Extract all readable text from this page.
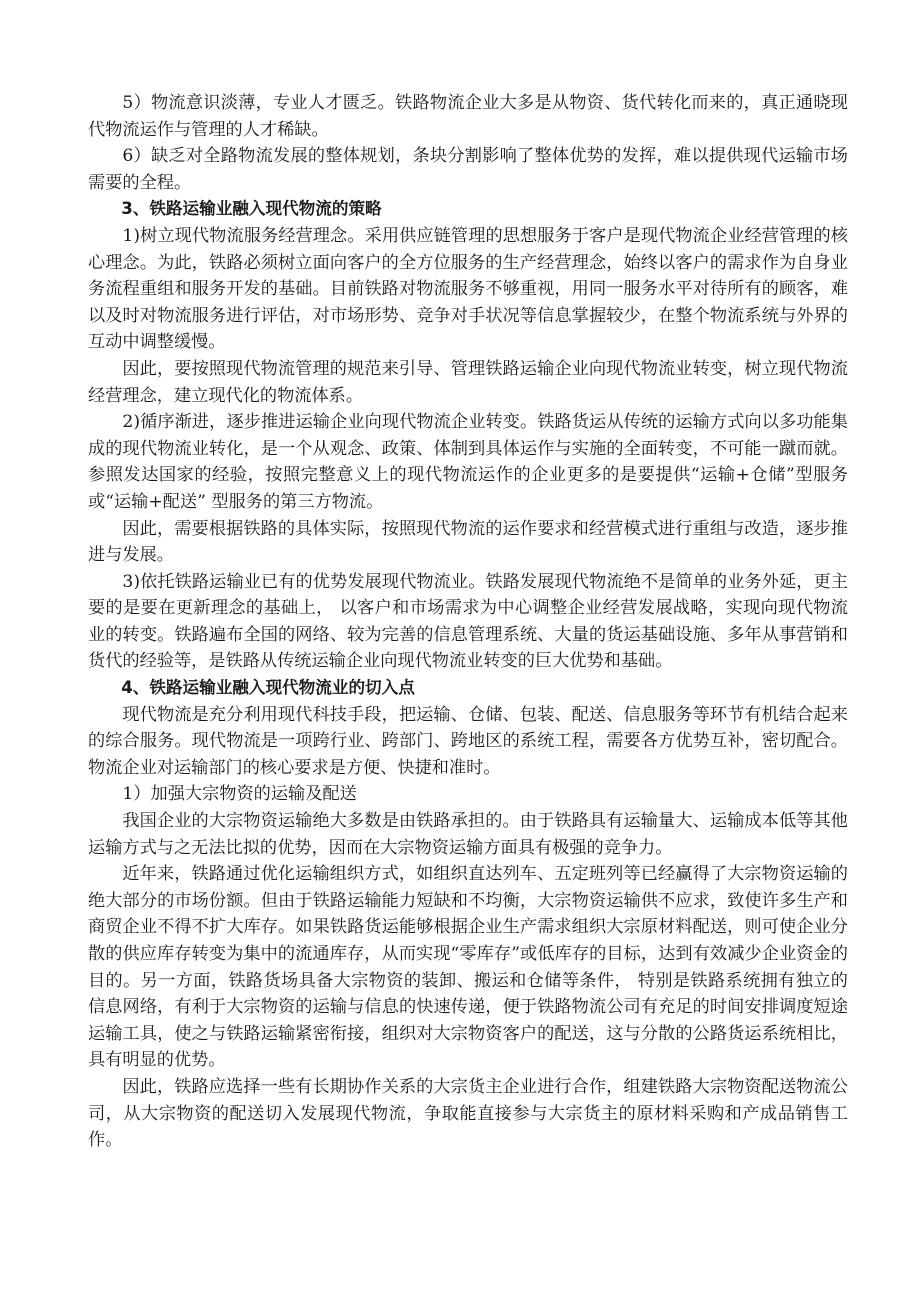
5）物流意识淡薄，专业人才匮乏。铁路物流企业大多是从物资、货代转化而来的，真正通晓现代物流运作与管理的人才稀缺。

6）缺乏对全路物流发展的整体规划，条块分割影响了整体优势的发挥，难以提供现代运输市场需要的全程。

3、铁路运输业融入现代物流的策略

1)树立现代物流服务经营理念。采用供应链管理的思想服务于客户是现代物流企业经营管理的核心理念。为此，铁路必须树立面向客户的全方位服务的生产经营理念，始终以客户的需求作为自身业务流程重组和服务开发的基础。目前铁路对物流服务不够重视，用同一服务水平对待所有的顾客，难以及时对物流服务进行评估，对市场形势、竞争对手状况等信息掌握较少，在整个物流系统与外界的互动中调整缓慢。

因此，要按照现代物流管理的规范来引导、管理铁路运输企业向现代物流业转变，树立现代物流经营理念，建立现代化的物流体系。

2)循序渐进，逐步推进运输企业向现代物流企业转变。铁路货运从传统的运输方式向以多功能集成的现代物流业转化，是一个从观念、政策、体制到具体运作与实施的全面转变，不可能一蹴而就。参照发达国家的经验，按照完整意义上的现代物流运作的企业更多的是要提供“运输+仓储”型服务或“运输+配送” 型服务的第三方物流。

因此，需要根据铁路的具体实际，按照现代物流的运作要求和经营模式进行重组与改造，逐步推进与发展。

3)依托铁路运输业已有的优势发展现代物流业。铁路发展现代物流绝不是简单的业务外延，更主要的是要在更新理念的基础上， 以客户和市场需求为中心调整企业经营发展战略，实现向现代物流业的转变。铁路遍布全国的网络、较为完善的信息管理系统、大量的货运基础设施、多年从事营销和货代的经验等，是铁路从传统运输企业向现代物流业转变的巨大优势和基础。

4、铁路运输业融入现代物流业的切入点

现代物流是充分利用现代科技手段，把运输、仓储、包装、配送、信息服务等环节有机结合起来的综合服务。现代物流是一项跨行业、跨部门、跨地区的系统工程，需要各方优势互补，密切配合。物流企业对运输部门的核心要求是方便、快捷和准时。

1）加强大宗物资的运输及配送

我国企业的大宗物资运输绝大多数是由铁路承担的。由于铁路具有运输量大、运输成本低等其他运输方式与之无法比拟的优势，因而在大宗物资运输方面具有极强的竞争力。

近年来，铁路通过优化运输组织方式，如组织直达列车、五定班列等已经赢得了大宗物资运输的绝大部分的市场份额。但由于铁路运输能力短缺和不均衡，大宗物资运输供不应求，致使许多生产和商贸企业不得不扩大库存。如果铁路货运能够根据企业生产需求组织大宗原材料配送，则可使企业分散的供应库存转变为集中的流通库存，从而实现“零库存”或低库存的目标，达到有效减少企业资金的目的。另一方面，铁路货场具备大宗物资的装卸、搬运和仓储等条件， 特别是铁路系统拥有独立的信息网络，有利于大宗物资的运输与信息的快速传递，便于铁路物流公司有充足的时间安排调度短途运输工具，使之与铁路运输紧密衔接，组织对大宗物资客户的配送，这与分散的公路货运系统相比，具有明显的优势。

因此，铁路应选择一些有长期协作关系的大宗货主企业进行合作，组建铁路大宗物资配送物流公司，从大宗物资的配送切入发展现代物流，争取能直接参与大宗货主的原材料采购和产成品销售工作。
